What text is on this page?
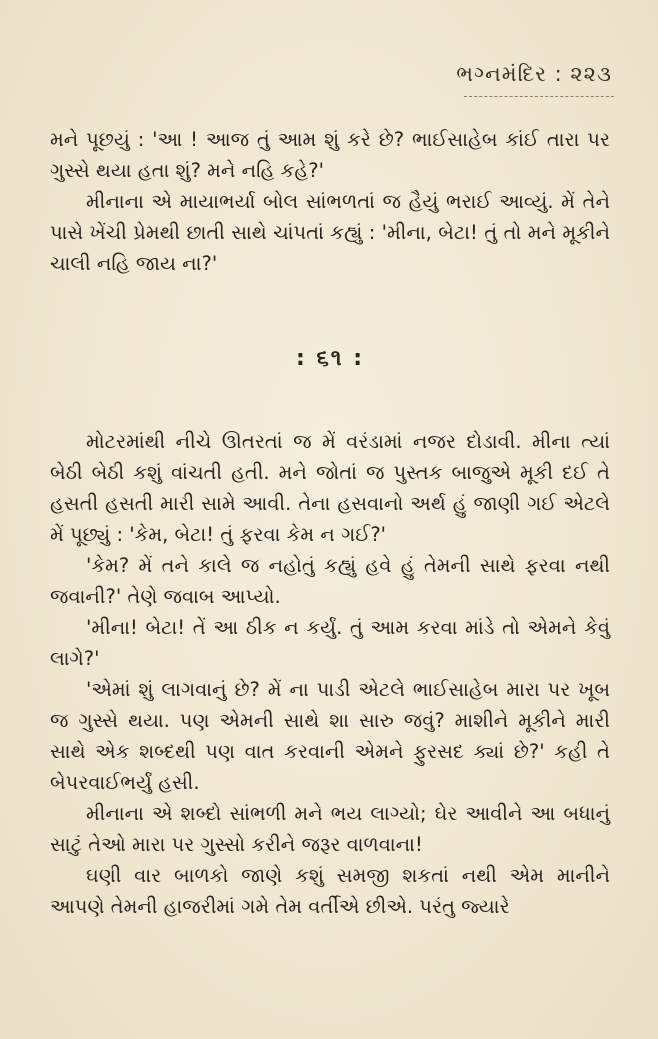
ભગ્નમંદિર : ૨૨૩

મને પૂછયું : 'આ ! આજ તું આમ શું કરે છે? ભાઈસાહેબ કાંઈ તારા પર ગુસ્સે થયા હતા શું? મને નહિ કહે?'

મીનાના એ માયાભર્યા બોલ સાંભળતાં જ હૈયું ભરાઈ આવ્યું. મેં તેને પાસે ખેંચી પ્રેમથી છાતી સાથે ચાંપતાં કહ્યું : 'મીના, બેટા! તું તો મને મૂકીને ચાલી નહિ જાય ના?'

: ૬૧ :

મોટરમાંથી નીચે ઊતરતાં જ મેં વરંડામાં નજર દોડાવી. મીના ત્યાં બેઠી બેઠી કશું વાંચતી હતી. મને જોતાં જ પુસ્તક બાજુએ મૂકી દઈ તે હસતી હસતી મારી સામે આવી. તેના હસવાનો અર્થ હું જાણી ગઈ એટલે મેં પૂછ્યું : 'કેમ, બેટા! તું ફરવા કેમ ન ગઈ?'

'કેમ? મેં તને કાલે જ નહોતું કહ્યું હવે હું તેમની સાથે ફરવા નથી જવાની?' તેણે જવાબ આપ્યો.

'મીના! બેટા! તેં આ ઠીક ન કર્યું. તું આમ કરવા માંડે તો એમને કેવું લાગે?'

'એમાં શું લાગવાનું છે? મેં ના પાડી એટલે ભાઈસાહેબ મારા પર ખૂબ જ ગુસ્સે થયા. પણ એમની સાથે શા સારુ જવું? માશીને મૂકીને મારી સાથે એક શબ્દથી પણ વાત કરવાની એમને ફુરસદ ક્યાં છે?' કહી તે બેપરવાઈભર્યું હસી.

મીનાના એ શબ્દો સાંભળી મને ભય લાગ્યો; ઘેર આવીને આ બધાનું સાટું તેઓ મારા પર ગુસ્સો કરીને જરૂર વાળવાના!

ઘણી વાર બાળકો જાણે કશું સમજી શકતાં નથી એમ માનીને આપણે તેમની હાજરીમાં ગમે તેમ વર્તીએ છીએ. પરંતુ જ્યારે
